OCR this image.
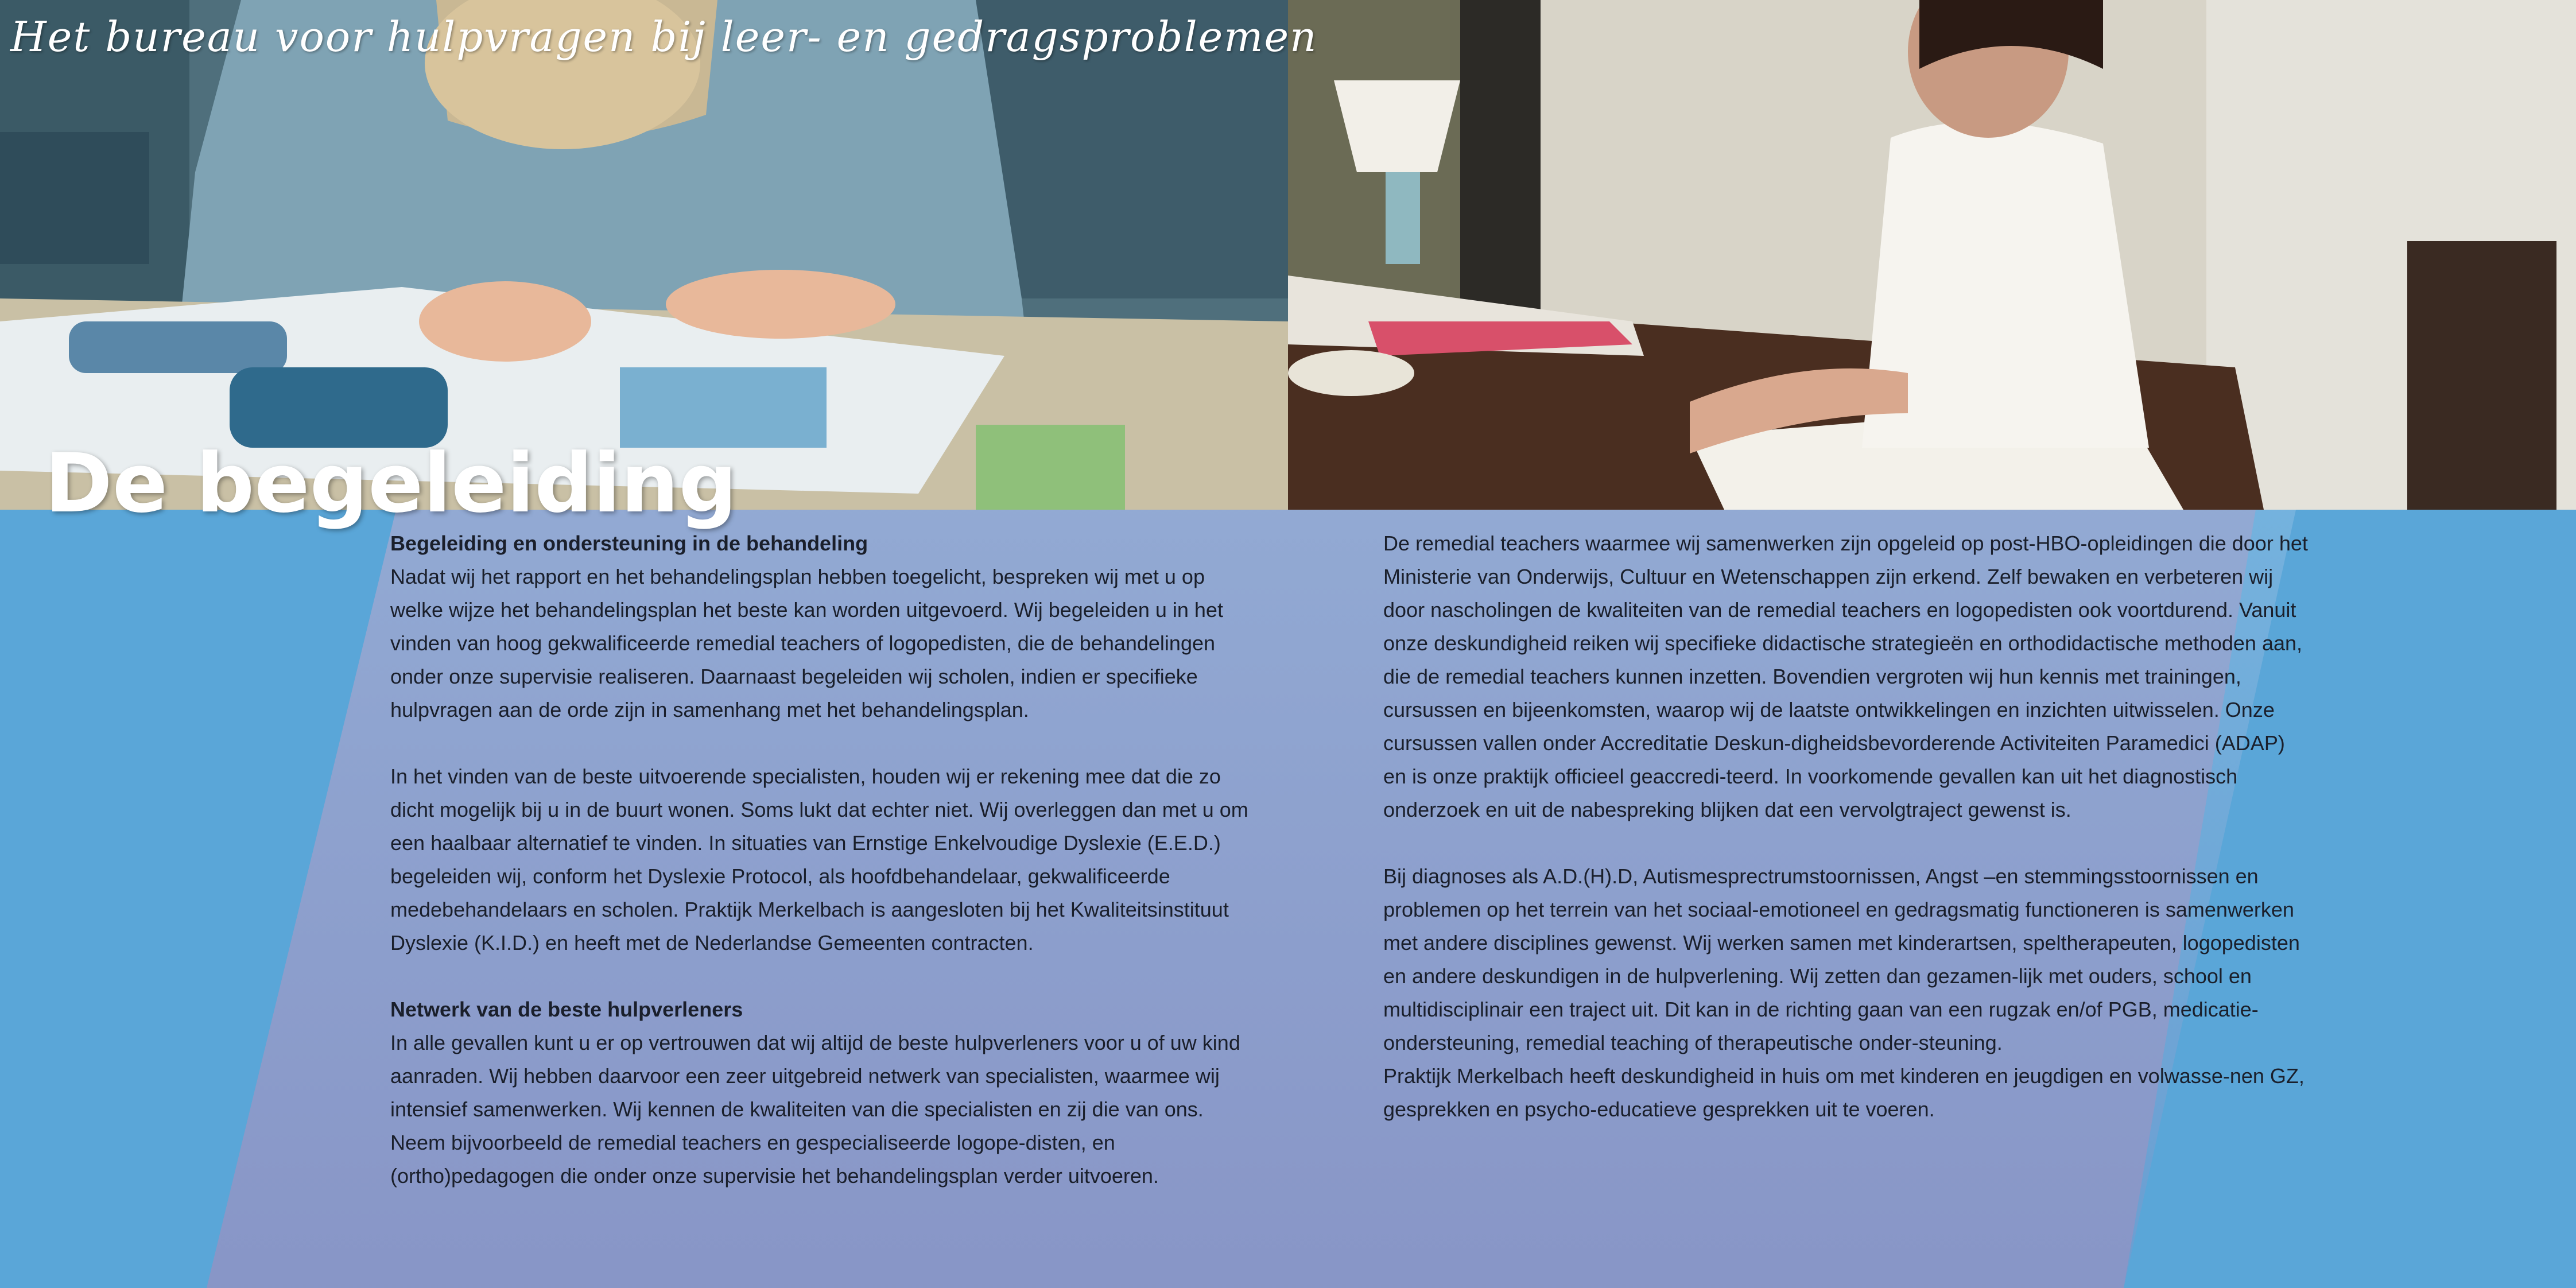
Het bureau voor hulpvragen bij leer- en gedragsproblemen
De begeleiding

Begeleiding en ondersteuning in de behandeling

Nadat wij het rapport en het behandelingsplan hebben toegelicht, bespreken wij met u op welke wijze het behandelingsplan het beste kan worden uitgevoerd. Wij begeleiden u in het vinden van hoog gekwalificeerde remedial teachers of logopedisten, die de behandelingen onder onze supervisie realiseren. Daarnaast begeleiden wij scholen, indien er specifieke hulpvragen aan de orde zijn in samenhang met het behandelingsplan.

In het vinden van de beste uitvoerende specialisten, houden wij er rekening mee dat die zo dicht mogelijk bij u in de buurt wonen. Soms lukt dat echter niet. Wij overleggen dan met u om een haalbaar alternatief te vinden. In situaties van Ernstige Enkelvoudige Dyslexie (E.E.D.) begeleiden wij, conform het Dyslexie Protocol, als hoofdbehandelaar, gekwalificeerde medebehandelaars en scholen. Praktijk Merkelbach is aangesloten bij het Kwaliteitsinstituut Dyslexie (K.I.D.) en heeft met de Nederlandse Gemeenten contracten.

Netwerk van de beste hulpverleners

In alle gevallen kunt u er op vertrouwen dat wij altijd de beste hulpverleners voor u of uw kind aanraden. Wij hebben daarvoor een zeer uitgebreid netwerk van specialisten, waarmee wij intensief samenwerken. Wij kennen de kwaliteiten van die specialisten en zij die van ons. Neem bijvoorbeeld de remedial teachers en gespecialiseerde logope-disten, en (ortho)pedagogen die onder onze supervisie het behandelingsplan verder uitvoeren.

De remedial teachers waarmee wij samenwerken zijn opgeleid op post-HBO-opleidingen die door het Ministerie van Onderwijs, Cultuur en Wetenschappen zijn erkend. Zelf bewaken en verbeteren wij door nascholingen de kwaliteiten van de remedial teachers en logopedisten ook voortdurend. Vanuit onze deskundigheid reiken wij specifieke didactische strategieën en orthodidactische methoden aan, die de remedial teachers kunnen inzetten. Bovendien vergroten wij hun kennis met trainingen, cursussen en bijeenkomsten, waarop wij de laatste ontwikkelingen en inzichten uitwisselen. Onze cursussen vallen onder Accreditatie Deskun-digheidsbevorderende Activiteiten Paramedici (ADAP) en is onze praktijk officieel geaccredi-teerd. In voorkomende gevallen kan uit het diagnostisch onderzoek en uit de nabespreking blijken dat een vervolgtraject gewenst is.

Bij diagnoses als A.D.(H).D, Autismesprectrumstoornissen, Angst –en stemmingsstoornissen en problemen op het terrein van het sociaal-emotioneel en gedragsmatig functioneren is samenwerken met andere disciplines gewenst. Wij werken samen met kinderartsen, speltherapeuten, logopedisten en andere deskundigen in de hulpverlening. Wij zetten dan gezamen-lijk met ouders, school en multidisciplinair een traject uit. Dit kan in de richting gaan van een rugzak en/of PGB, medicatie-ondersteuning, remedial teaching of therapeutische onder-steuning.

Praktijk Merkelbach heeft deskundigheid in huis om met kinderen en jeugdigen en volwasse-nen GZ, gesprekken en psycho-educatieve gesprekken uit te voeren.
